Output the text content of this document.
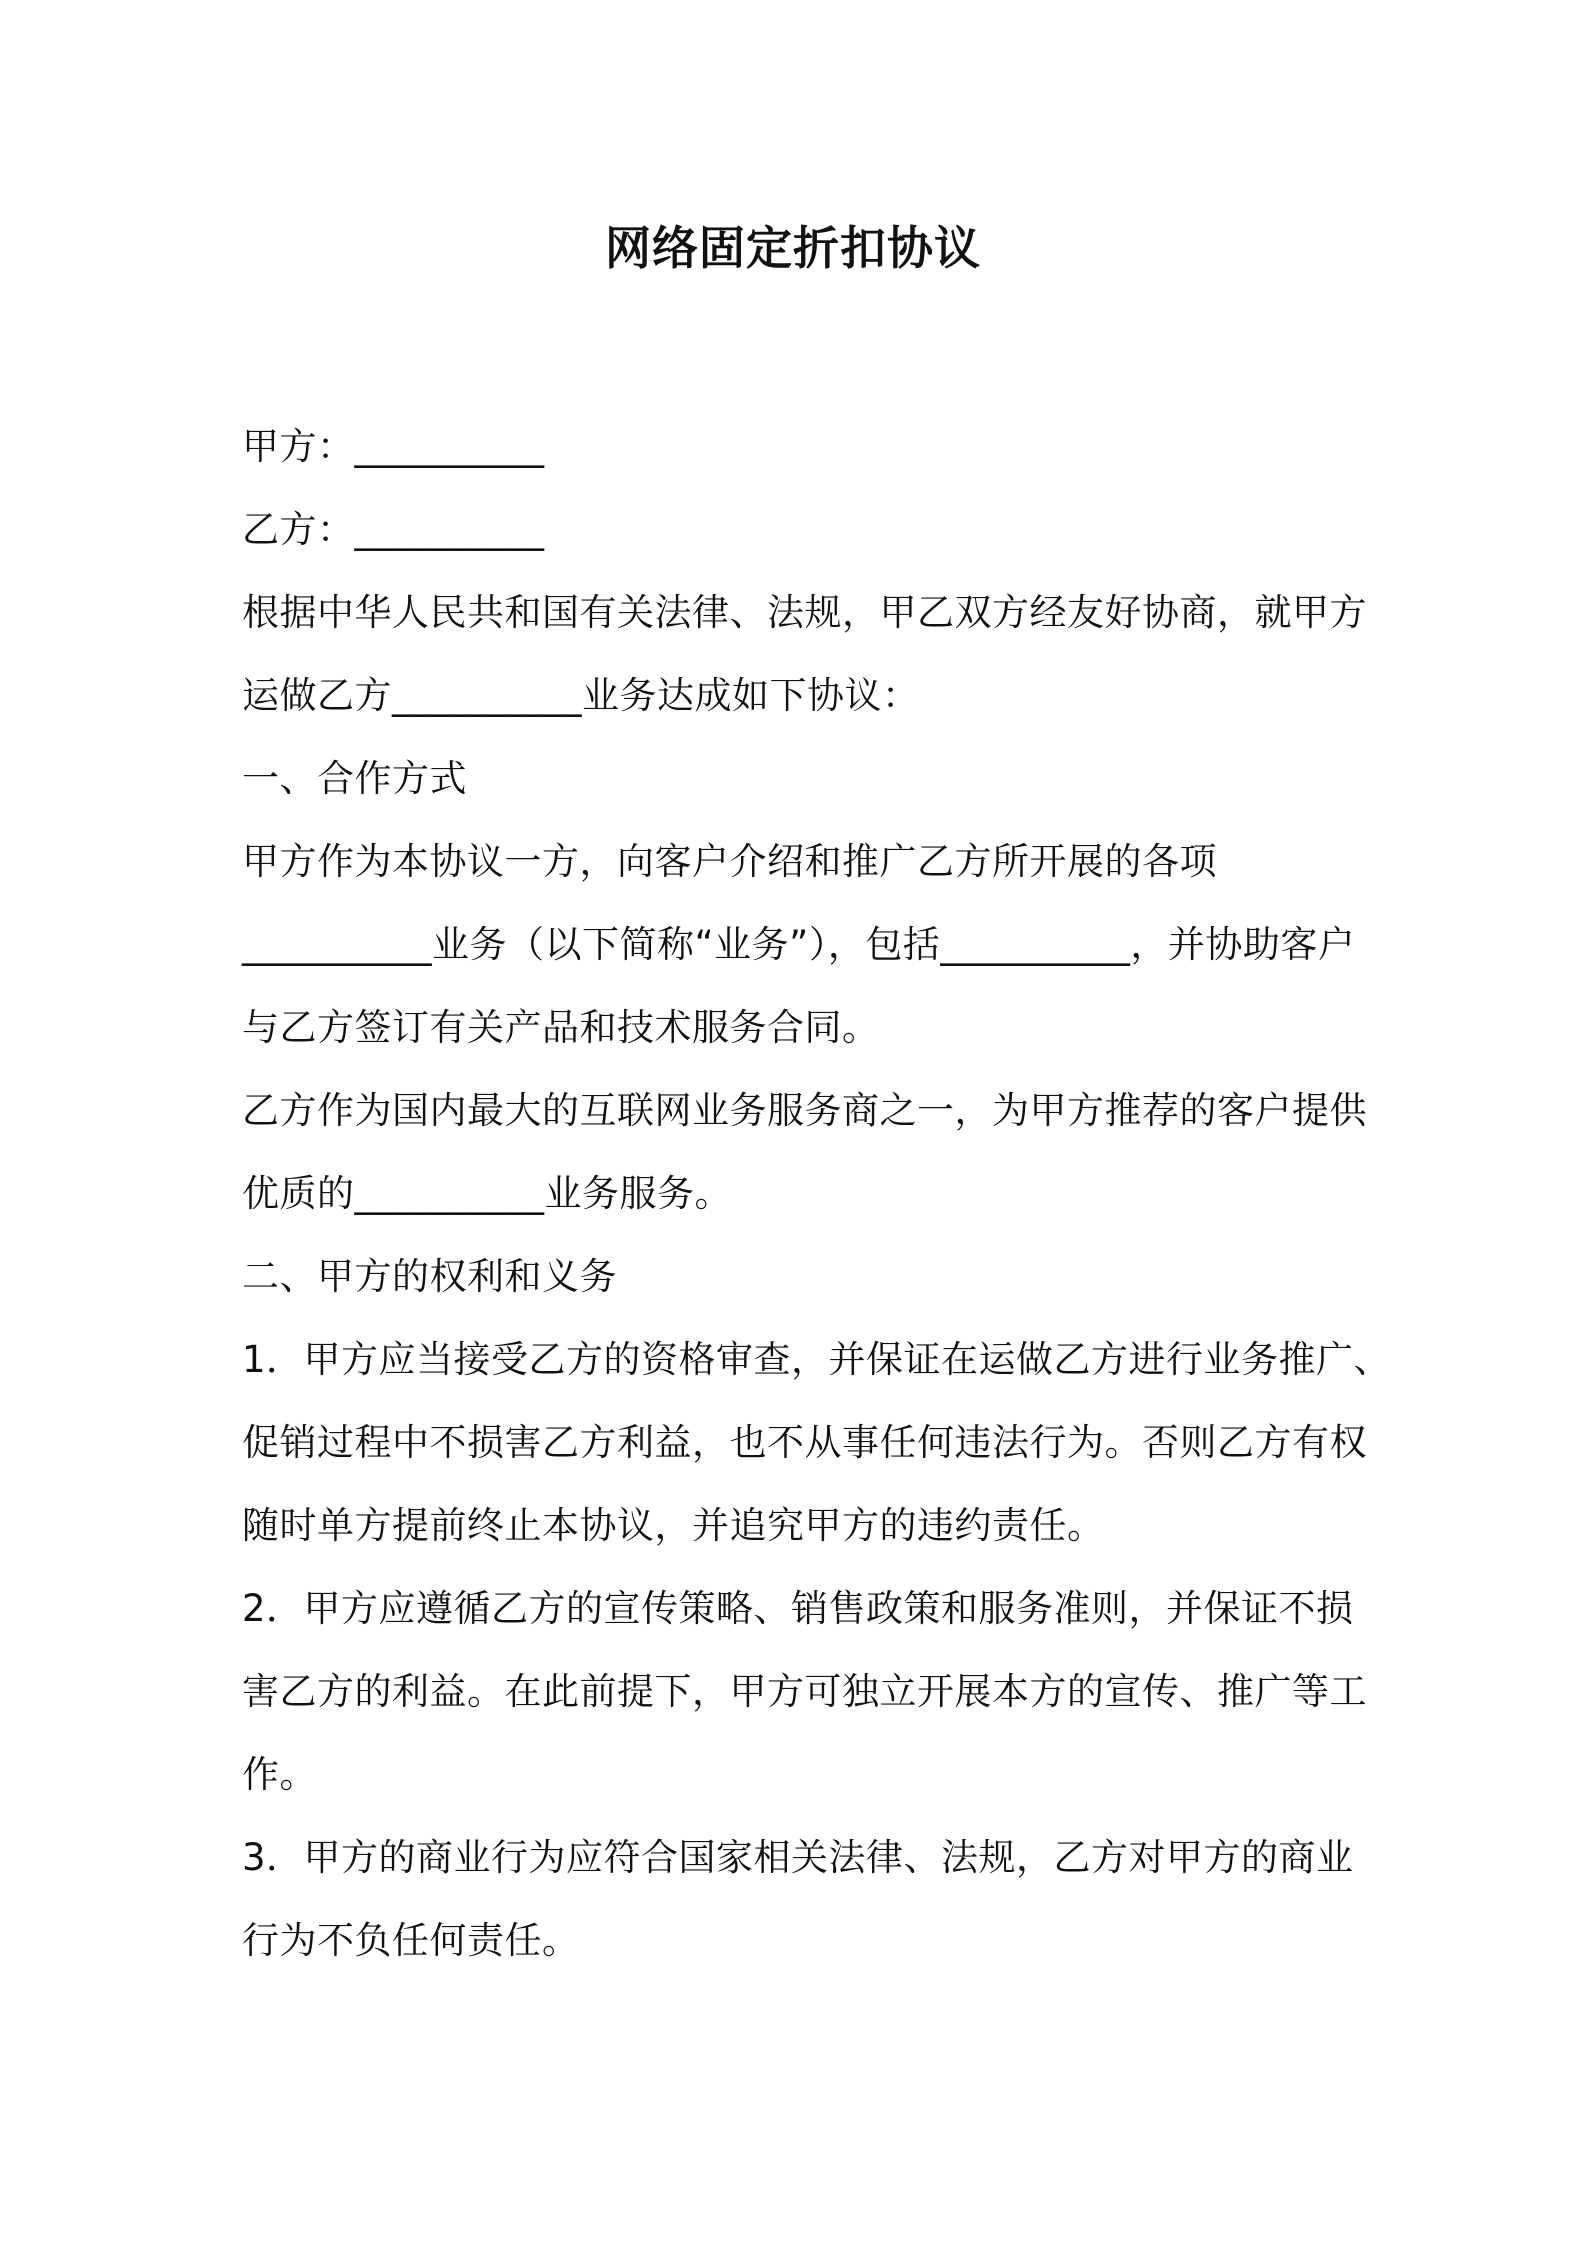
网络固定折扣协议
甲方：__________
乙方：__________
根据中华人民共和国有关法律、法规，甲乙双方经友好协商，就甲方
运做乙方__________业务达成如下协议：
一、合作方式
甲方作为本协议一方，向客户介绍和推广乙方所开展的各项
__________业务（以下简称“业务”），包括__________，并协助客户
与乙方签订有关产品和技术服务合同。
乙方作为国内最大的互联网业务服务商之一，为甲方推荐的客户提供
优质的__________业务服务。
二、甲方的权利和义务
1．甲方应当接受乙方的资格审查，并保证在运做乙方进行业务推广、
促销过程中不损害乙方利益，也不从事任何违法行为。否则乙方有权
随时单方提前终止本协议，并追究甲方的违约责任。
2．甲方应遵循乙方的宣传策略、销售政策和服务准则，并保证不损
害乙方的利益。在此前提下，甲方可独立开展本方的宣传、推广等工
作。
3．甲方的商业行为应符合国家相关法律、法规，乙方对甲方的商业
行为不负任何责任。
